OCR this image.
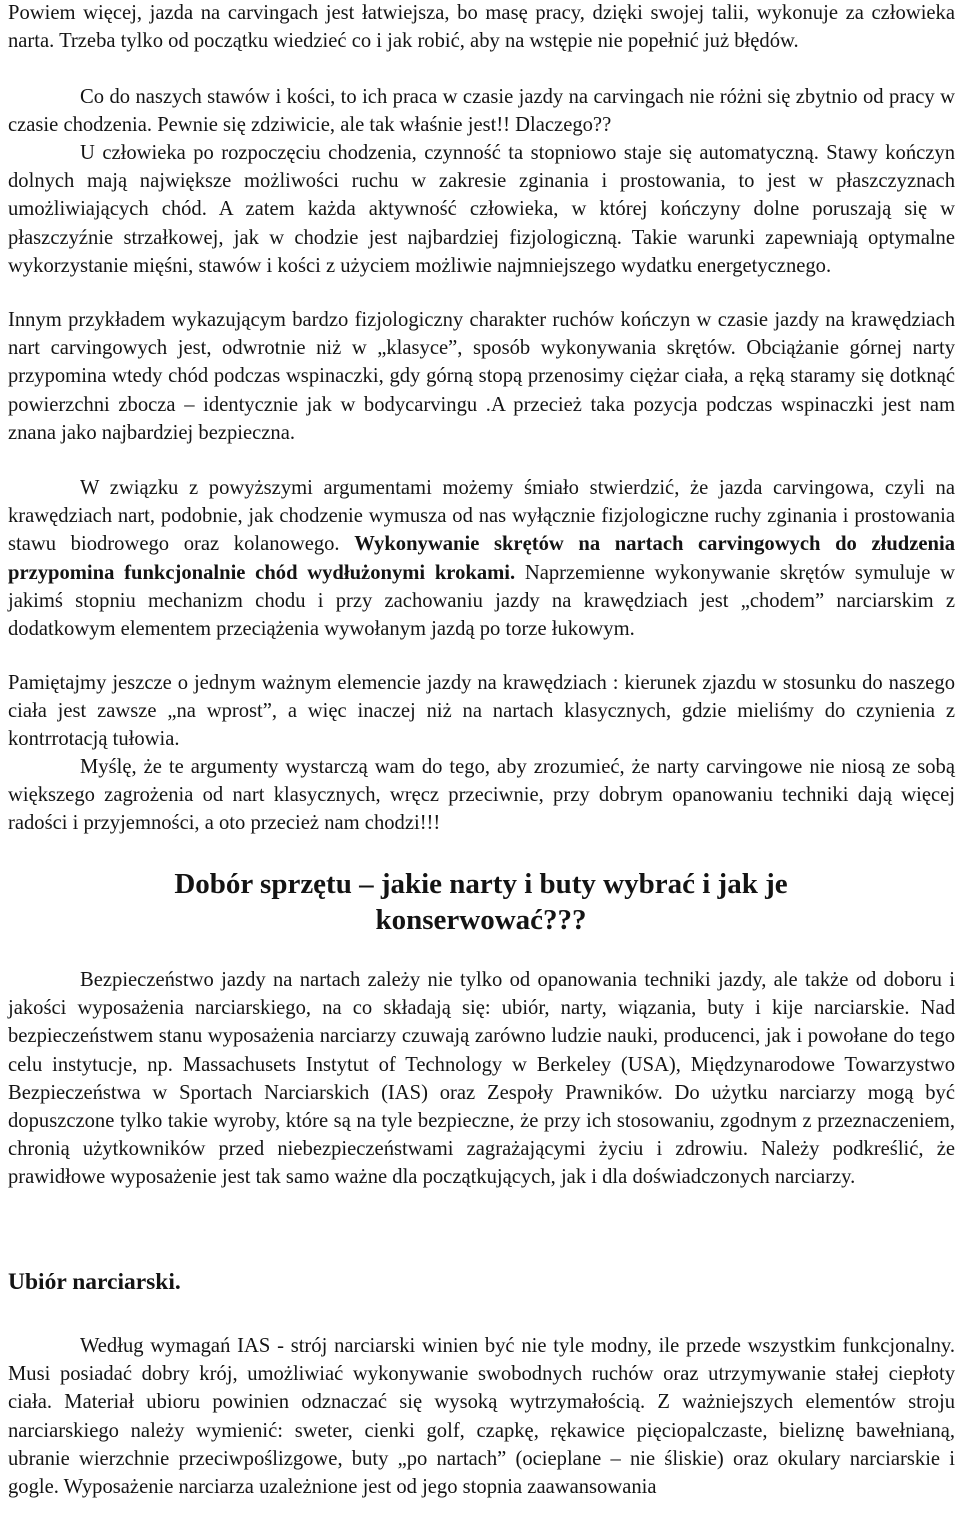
Powiem więcej, jazda na carvingach jest łatwiejsza, bo masę pracy, dzięki swojej talii, wykonuje za człowieka narta. Trzeba tylko od początku wiedzieć co i jak robić, aby na wstępie nie popełnić już błędów.

Co do naszych stawów i kości, to ich praca w czasie jazdy na carvingach nie różni się zbytnio od pracy w czasie chodzenia. Pewnie się zdziwicie, ale tak właśnie jest!! Dlaczego??

U człowieka po rozpoczęciu chodzenia, czynność ta stopniowo staje się automatyczną. Stawy kończyn dolnych mają największe możliwości ruchu w zakresie zginania i prostowania, to jest w płaszczyznach umożliwiających chód. A zatem każda aktywność człowieka, w której kończyny dolne poruszają się w płaszczyźnie strzałkowej, jak w chodzie jest najbardziej fizjologiczną. Takie warunki zapewniają optymalne wykorzystanie mięśni, stawów i kości z użyciem możliwie najmniejszego wydatku energetycznego.

Innym przykładem wykazującym bardzo fizjologiczny charakter ruchów kończyn w czasie jazdy na krawędziach nart carvingowych jest, odwrotnie niż w „klasyce”, sposób wykonywania skrętów. Obciążanie górnej narty przypomina wtedy chód podczas wspinaczki, gdy górną stopą przenosimy ciężar ciała, a ręką staramy się dotknąć powierzchni zbocza – identycznie jak w bodycarvingu .A przecież taka pozycja podczas wspinaczki jest nam znana jako najbardziej bezpieczna.

W związku z powyższymi argumentami możemy śmiało stwierdzić, że jazda carvingowa, czyli na krawędziach nart, podobnie, jak chodzenie wymusza od nas wyłącznie fizjologiczne ruchy zginania i prostowania stawu biodrowego oraz kolanowego. Wykonywanie skrętów na nartach carvingowych do złudzenia przypomina funkcjonalnie chód wydłużonymi krokami. Naprzemienne wykonywanie skrętów symuluje w jakimś stopniu mechanizm chodu i przy zachowaniu jazdy na krawędziach jest „chodem” narciarskim z dodatkowym elementem przeciążenia wywołanym jazdą po torze łukowym.

Pamiętajmy jeszcze o jednym ważnym elemencie jazdy na krawędziach : kierunek zjazdu w stosunku do naszego ciała jest zawsze „na wprost”, a więc inaczej niż na nartach klasycznych, gdzie mieliśmy do czynienia z kontrrotacją tułowia.

Myślę, że te argumenty wystarczą wam do tego, aby zrozumieć, że narty carvingowe nie niosą ze sobą większego zagrożenia od nart klasycznych, wręcz przeciwnie, przy dobrym opanowaniu techniki dają więcej radości i przyjemności, a oto przecież nam chodzi!!!

Dobór sprzętu – jakie narty i buty wybrać i jak je
konserwować???

Bezpieczeństwo jazdy na nartach zależy nie tylko od opanowania techniki jazdy, ale także od doboru i jakości wyposażenia narciarskiego, na co składają się: ubiór, narty, wiązania, buty i kije narciarskie. Nad bezpieczeństwem stanu wyposażenia narciarzy czuwają zarówno ludzie nauki, producenci, jak i powołane do tego celu instytucje, np. Massachusets Instytut of Technology w Berkeley (USA), Międzynarodowe Towarzystwo Bezpieczeństwa w Sportach Narciarskich (IAS) oraz Zespoły Prawników. Do użytku narciarzy mogą być dopuszczone tylko takie wyroby, które są na tyle bezpieczne, że przy ich stosowaniu, zgodnym z przeznaczeniem, chronią użytkowników przed niebezpieczeństwami zagrażającymi życiu i zdrowiu. Należy podkreślić, że prawidłowe wyposażenie jest tak samo ważne dla początkujących, jak i dla doświadczonych narciarzy.

Ubiór narciarski.

Według wymagań IAS - strój narciarski winien być nie tyle modny, ile przede wszystkim funkcjonalny. Musi posiadać dobry krój, umożliwiać wykonywanie swobodnych ruchów oraz utrzymywanie stałej ciepłoty ciała. Materiał ubioru powinien odznaczać się wysoką wytrzymałością. Z ważniejszych elementów stroju narciarskiego należy wymienić: sweter, cienki golf, czapkę, rękawice pięciopalczaste, bieliznę bawełnianą, ubranie wierzchnie przeciwpoślizgowe, buty „po nartach” (ocieplane – nie śliskie) oraz okulary narciarskie i gogle. Wyposażenie narciarza uzależnione jest od jego stopnia zaawansowania
